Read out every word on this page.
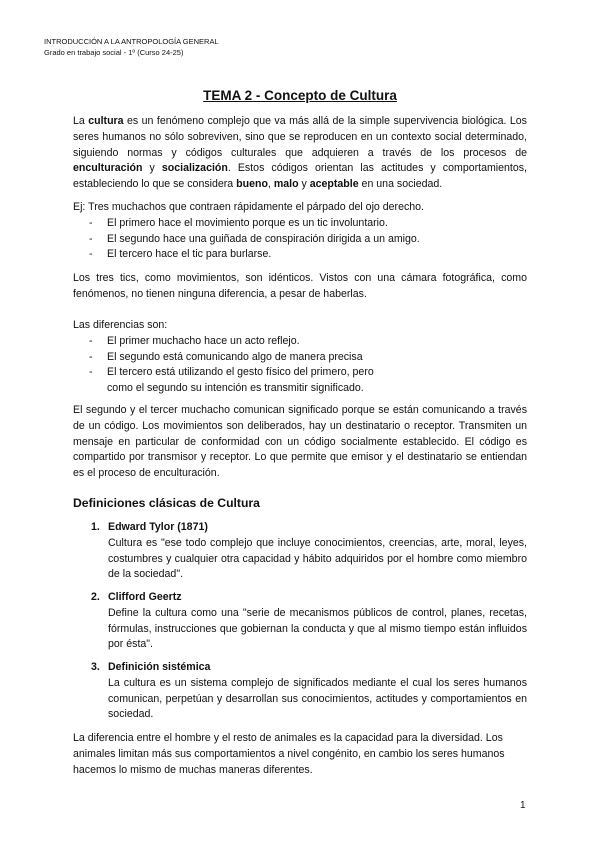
INTRODUCCIÓN A LA ANTROPOLOGÍA GENERAL
Grado en trabajo social - 1º (Curso 24-25)
TEMA 2 - Concepto de Cultura
La cultura es un fenómeno complejo que va más allá de la simple supervivencia biológica. Los seres humanos no sólo sobreviven, sino que se reproducen en un contexto social determinado, siguiendo normas y códigos culturales que adquieren a través de los procesos de enculturación y socialización. Estos códigos orientan las actitudes y comportamientos, estableciendo lo que se considera bueno, malo y aceptable en una sociedad.
Ej: Tres muchachos que contraen rápidamente el párpado del ojo derecho.
- El primero hace el movimiento porque es un tic involuntario.
- El segundo hace una guiñada de conspiración dirigida a un amigo.
- El tercero hace el tic para burlarse.
Los tres tics, como movimientos, son idénticos. Vistos con una cámara fotográfica, como fenómenos, no tienen ninguna diferencia, a pesar de haberlas.
Las diferencias son:
- El primer muchacho hace un acto reflejo.
- El segundo está comunicando algo de manera precisa
- El tercero está utilizando el gesto físico del primero, pero como el segundo su intención es transmitir significado.
El segundo y el tercer muchacho comunican significado porque se están comunicando a través de un código. Los movimientos son deliberados, hay un destinatario o receptor. Transmiten un mensaje en particular de conformidad con un código socialmente establecido. El código es compartido por transmisor y receptor. Lo que permite que emisor y el destinatario se entiendan es el proceso de enculturación.
Definiciones clásicas de Cultura
1. Edward Tylor (1871)
Cultura es "ese todo complejo que incluye conocimientos, creencias, arte, moral, leyes, costumbres y cualquier otra capacidad y hábito adquiridos por el hombre como miembro de la sociedad".
2. Clifford Geertz
Define la cultura como una "serie de mecanismos públicos de control, planes, recetas, fórmulas, instrucciones que gobiernan la conducta y que al mismo tiempo están influidos por ésta".
3. Definición sistémica
La cultura es un sistema complejo de significados mediante el cual los seres humanos comunican, perpetúan y desarrollan sus conocimientos, actitudes y comportamientos en sociedad.
La diferencia entre el hombre y el resto de animales es la capacidad para la diversidad. Los animales limitan más sus comportamientos a nivel congénito, en cambio los seres humanos hacemos lo mismo de muchas maneras diferentes.
1
